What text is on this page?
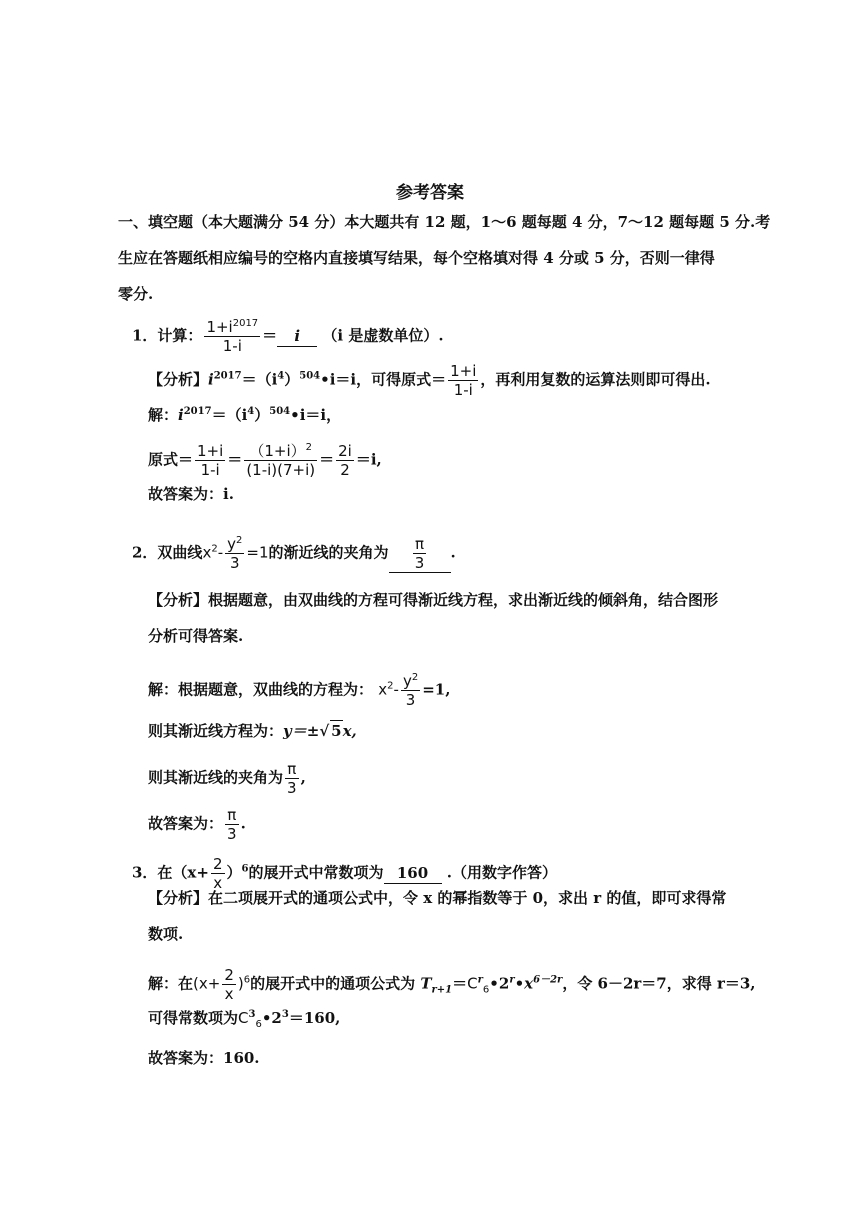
参考答案
一、填空题（本大题满分 54 分）本大题共有 12 题，1～6 题每题 4 分，7～12 题每题 5 分.考
生应在答题纸相应编号的空格内直接填写结果，每个空格填对得 4 分或 5 分，否则一律得
零分.
1．计算： $\frac{1+i^{2017}}{1-i} = i$ （i 是虚数单位）.
【分析】$i^{2017}=(i^4)^{504}•i=i$，可得原式＝ $\frac{1+i}{1-i}$ ，再利用复数的运算法则即可得出.
解：$i^{2017}=(i^4)^{504}•i=i$，
原式＝ $\frac{1+i}{1-i} = \frac{(1+i)^2}{(1-i)(7+i)} = \frac{2i}{2} =i$,
故答案为：i.
2．双曲线$x^2- \frac{y^2}{3} =1$的渐近线的夹角为 $\frac{\pi}{3}$ .
【分析】根据题意，由双曲线的方程可得渐近线方程，求出渐近线的倾斜角，结合图形
分析可得答案.
解：根据题意，双曲线的方程为： $x^2- \frac{y^2}{3} =1$,
则其渐近线方程为：y＝±√ 5x,
则其渐近线的夹角为 $\frac{\pi}{3}$ ,
故答案为： $\frac{\pi}{3}$ .
3．在$(x+ \frac{2}{x} )^6$的展开式中常数项为 160 .（用数字作答）
【分析】在二项展开式的通项公式中，令 x 的幂指数等于 0，求出 r 的值，即可求得常
数项.
解：在$(x+ \frac{2}{x} )^6$的展开式中的通项公式为 $T_{r+1}=C^r_6•2^r•x^{6-2r}$，令 6－2r＝7，求得 r＝3,
可得常数项为$C^3_6•2^3=160$,
故答案为：160.
